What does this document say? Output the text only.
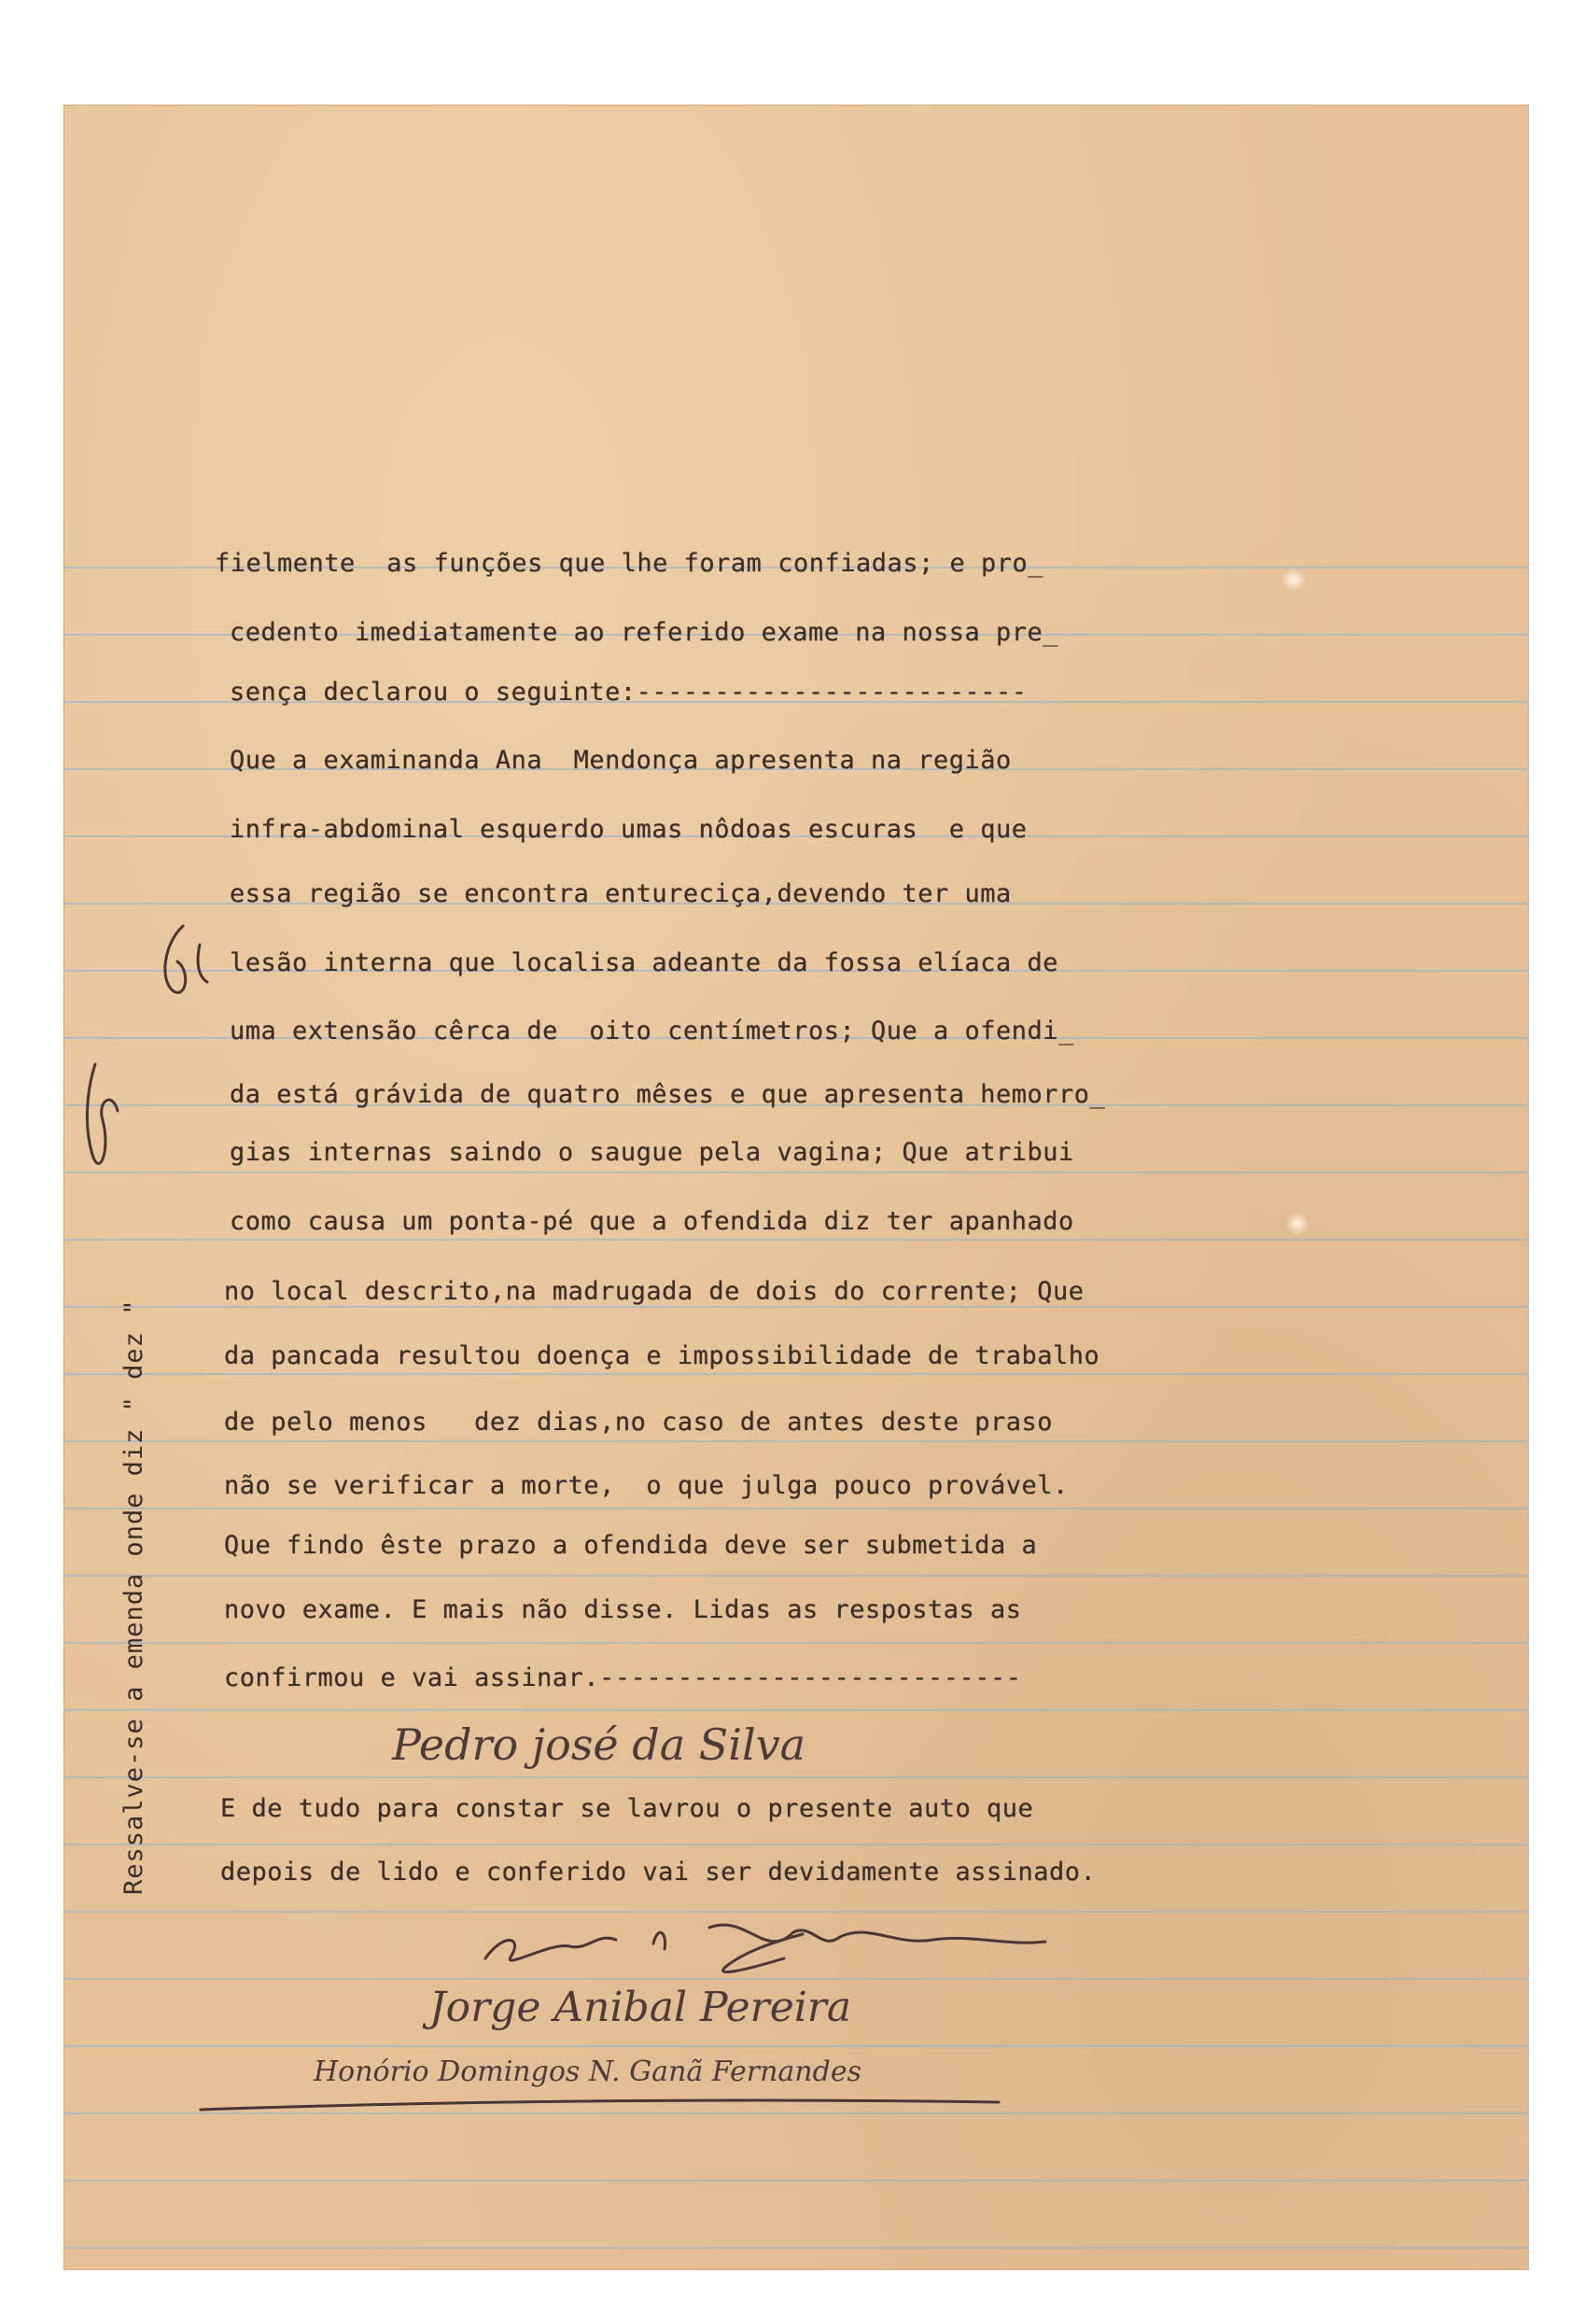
fielmente  as funções que lhe foram confiadas; e pro_
cedento imediatamente ao referido exame na nossa pre_
sença declarou o seguinte:-------------------------
Que a examinanda Ana  Mendonça apresenta na região
infra-abdominal esquerdo umas nôdoas escuras  e que
essa região se encontra entureciça,devendo ter uma
lesão interna que localisa adeante da fossa elíaca de
uma extensão cêrca de  oito centímetros; Que a ofendi_
da está grávida de quatro mêses e que apresenta hemorro_
gias internas saindo o saugue pela vagina; Que atribui
como causa um ponta-pé que a ofendida diz ter apanhado
no local descrito,na madrugada de dois do corrente; Que
da pancada resultou doença e impossibilidade de trabalho
de pelo menos   dez dias,no caso de antes deste praso
não se verificar a morte,  o que julga pouco provável.
Que findo êste prazo a ofendida deve ser submetida a
novo exame. E mais não disse. Lidas as respostas as
confirmou e vai assinar.---------------------------
Pedro josé da Silva
E de tudo para constar se lavrou o presente auto que
depois de lido e conferido vai ser devidamente assinado.
Jorge Anibal Pereira
Honório Domingos N. Ganã Fernandes
Ressalve-se a emenda onde diz " dez "
